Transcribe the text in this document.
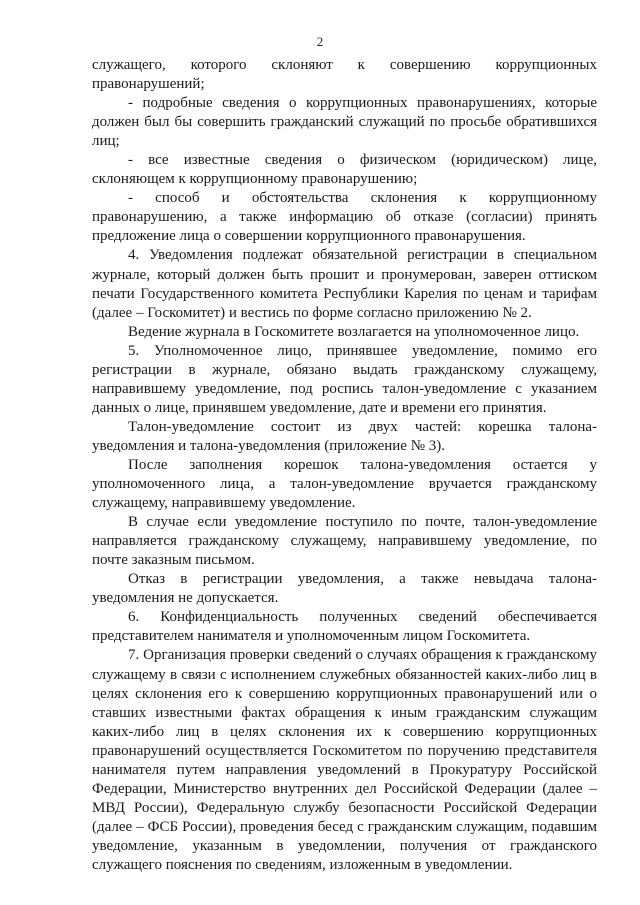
2

служащего, которого склоняют к совершению коррупционных правонарушений;

- подробные сведения о коррупционных правонарушениях, которые должен был бы совершить гражданский служащий по просьбе обратившихся лиц;

- все известные сведения о физическом (юридическом) лице, склоняющем к коррупционному правонарушению;

- способ и обстоятельства склонения к коррупционному правонарушению, а также информацию об отказе (согласии) принять предложение лица о совершении коррупционного правонарушения.

4. Уведомления подлежат обязательной регистрации в специальном журнале, который должен быть прошит и пронумерован, заверен оттиском печати Государственного комитета Республики Карелия по ценам и тарифам (далее – Госкомитет) и вестись по форме согласно приложению № 2.

Ведение журнала в Госкомитете возлагается на уполномоченное лицо.

5. Уполномоченное лицо, принявшее уведомление, помимо его регистрации в журнале, обязано выдать гражданскому служащему, направившему уведомление, под роспись талон-уведомление с указанием данных о лице, принявшем уведомление, дате и времени его принятия.

Талон-уведомление состоит из двух частей: корешка талона-уведомления и талона-уведомления (приложение № 3).

После заполнения корешок талона-уведомления остается у уполномоченного лица, а талон-уведомление вручается гражданскому служащему, направившему уведомление.

В случае если уведомление поступило по почте, талон-уведомление направляется гражданскому служащему, направившему уведомление, по почте заказным письмом.

Отказ в регистрации уведомления, а также невыдача талона-уведомления не допускается.

6. Конфиденциальность полученных сведений обеспечивается представителем нанимателя и уполномоченным лицом Госкомитета.

7. Организация проверки сведений о случаях обращения к гражданскому служащему в связи с исполнением служебных обязанностей каких-либо лиц в целях склонения его к совершению коррупционных правонарушений или о ставших известными фактах обращения к иным гражданским служащим каких-либо лиц в целях склонения их к совершению коррупционных правонарушений осуществляется Госкомитетом по поручению представителя нанимателя путем направления уведомлений в Прокуратуру Российской Федерации, Министерство внутренних дел Российской Федерации (далее – МВД России), Федеральную службу безопасности Российской Федерации (далее – ФСБ России), проведения бесед с гражданским служащим, подавшим уведомление, указанным в уведомлении, получения от гражданского служащего пояснения по сведениям, изложенным в уведомлении.
